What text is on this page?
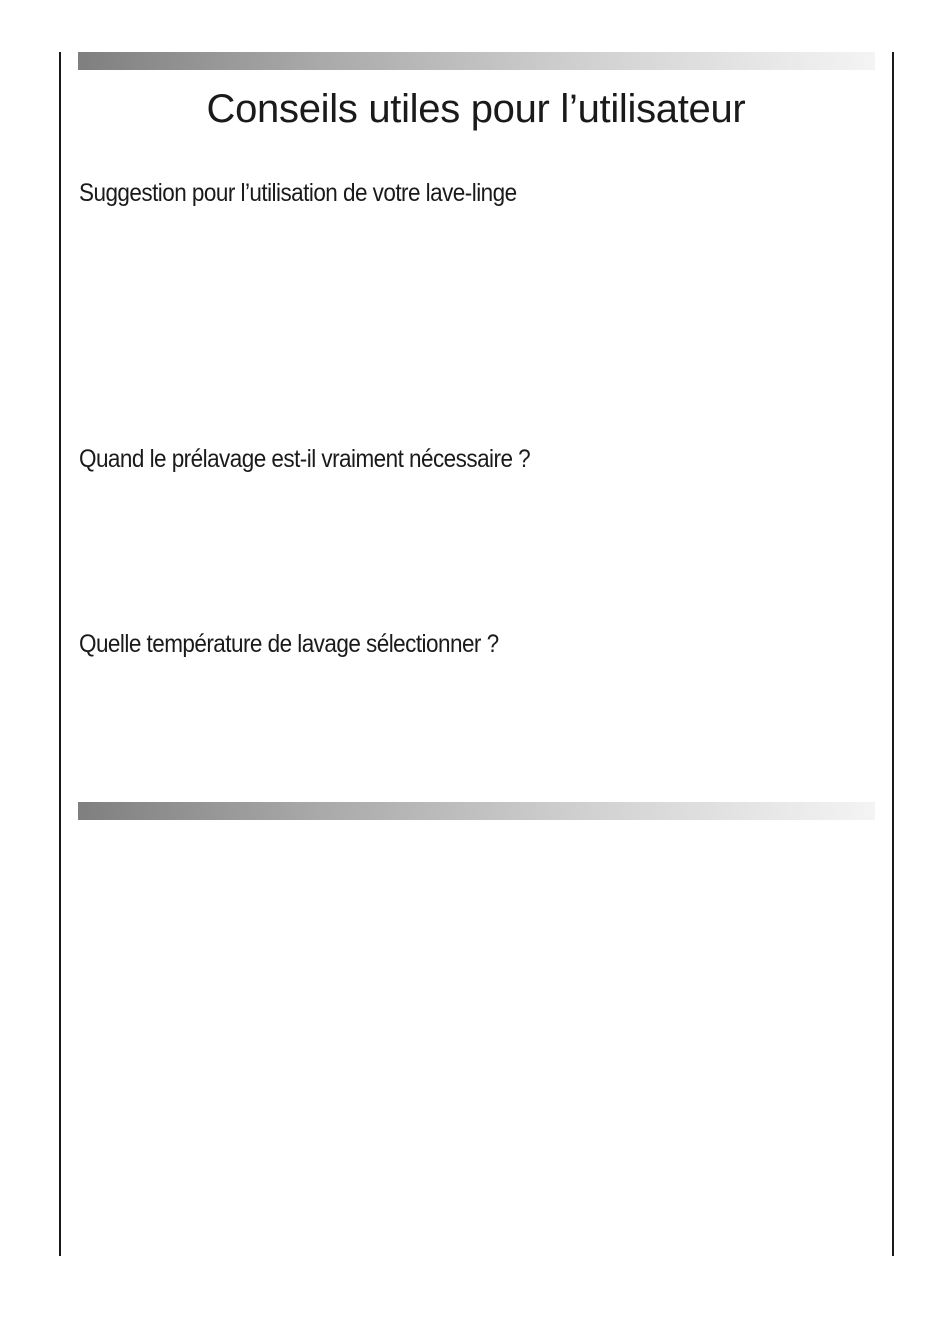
Conseils utiles pour l’utilisateur
Suggestion pour l’utilisation de votre lave-linge
Quand le prélavage est-il vraiment nécessaire ?
Quelle température de lavage sélectionner ?
